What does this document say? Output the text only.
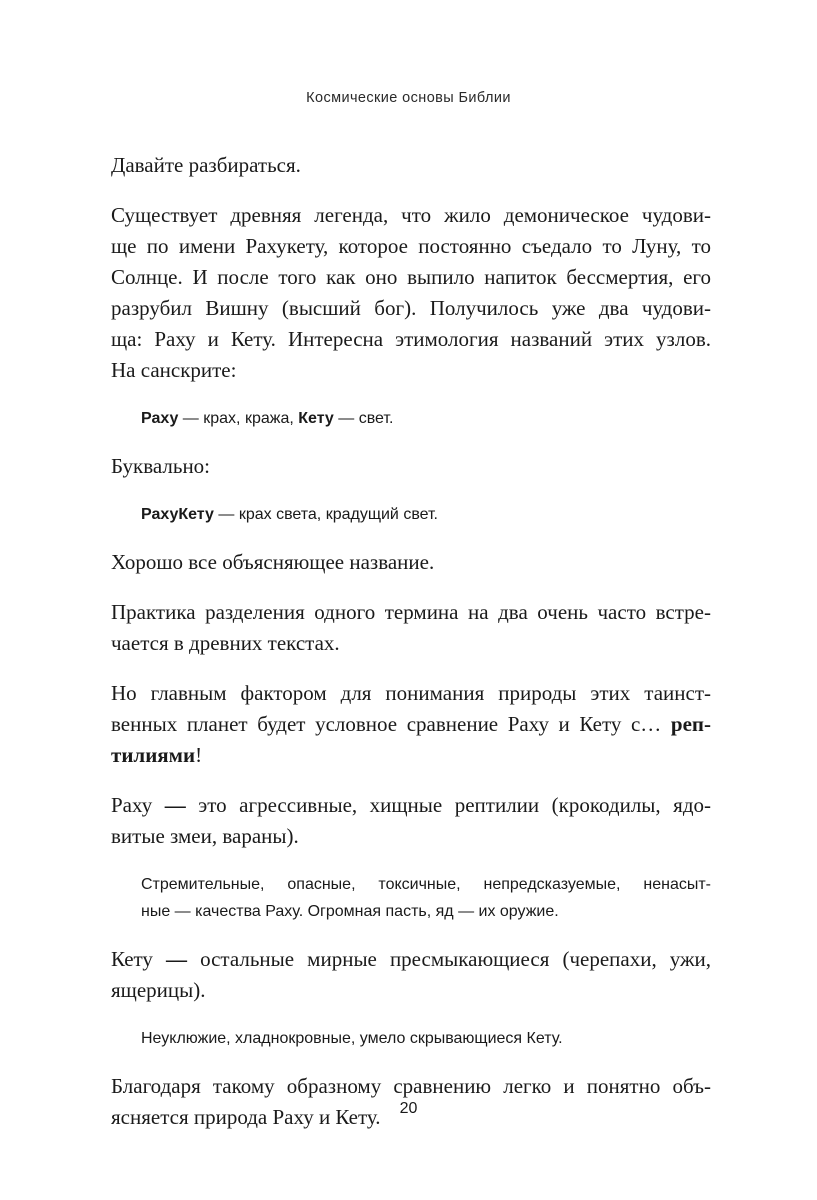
Космические основы Библии

Давайте разбираться.

Существует древняя легенда, что жило демоническое чудови-
ще по имени Рахукету, которое постоянно съедало то Луну, то
Солнце. И после того как оно выпило напиток бессмертия, его
разрубил Вишну (высший бог). Получилось уже два чудови-
ща: Раху и Кету. Интересна этимология названий этих узлов.
На санскрите:

Раху — крах, кража, Кету — свет.

Буквально:

РахуКету — крах света, крадущий свет.

Хорошо все объясняющее название.

Практика разделения одного термина на два очень часто встре-
чается в древних текстах.

Но главным фактором для понимания природы этих таинст-
венных планет будет условное сравнение Раху и Кету с… реп-
тилиями!

Раху — это агрессивные, хищные рептилии (крокодилы, ядо-
витые змеи, вараны).

Стремительные, опасные, токсичные, непредсказуемые, ненасыт-
ные — качества Раху. Огромная пасть, яд — их оружие.

Кету — остальные мирные пресмыкающиеся (черепахи, ужи,
ящерицы).

Неуклюжие, хладнокровные, умело скрывающиеся Кету.

Благодаря такому образному сравнению легко и понятно объ-
ясняется природа Раху и Кету.	20
